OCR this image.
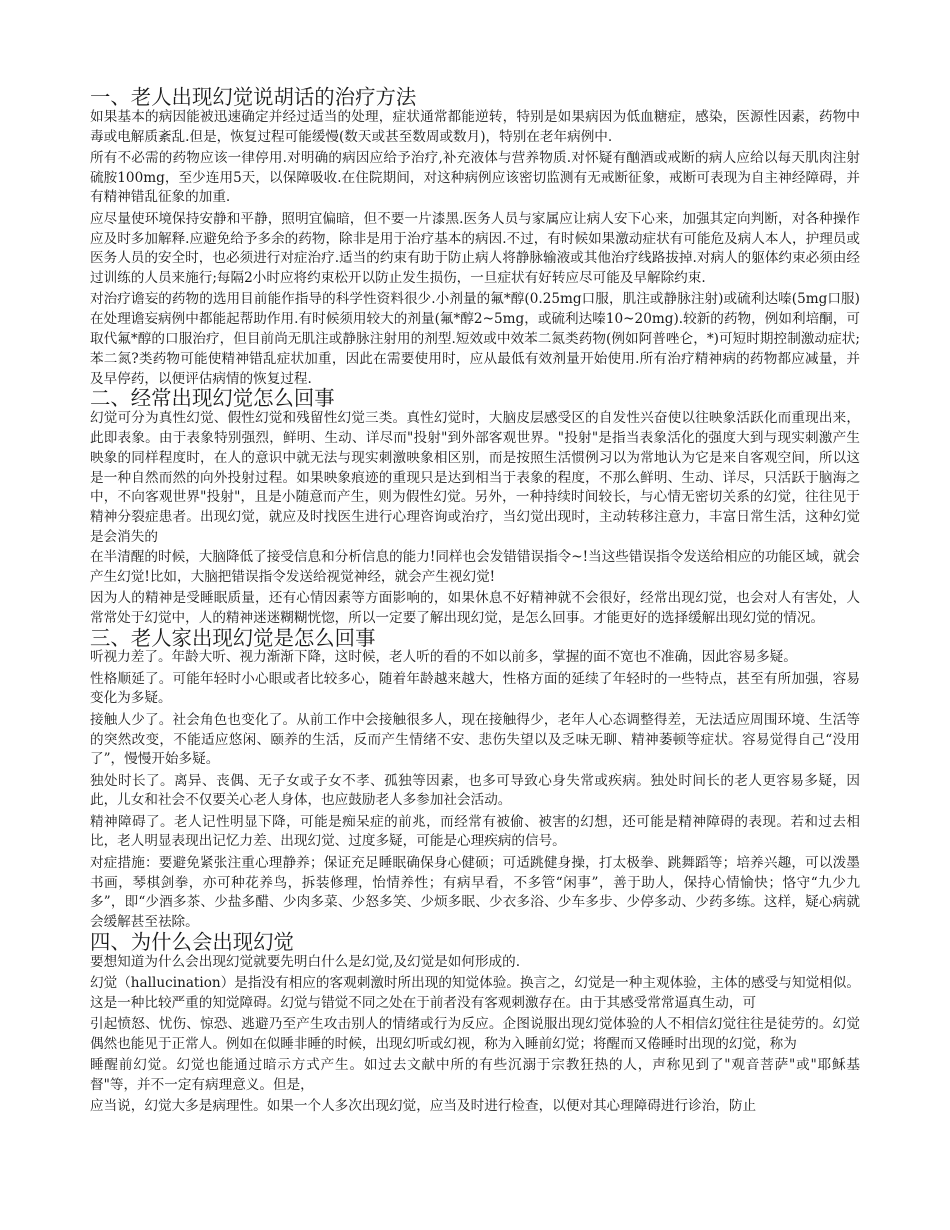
一、老人出现幻觉说胡话的治疗方法

如果基本的病因能被迅速确定并经过适当的处理，症状通常都能逆转，特别是如果病因为低血糖症，感染，医源性因素，药物中毒或电解质紊乱.但是，恢复过程可能缓慢(数天或甚至数周或数月)，特别在老年病例中.

所有不必需的药物应该一律停用.对明确的病因应给予治疗,补充液体与营养物质.对怀疑有酗酒或戒断的病人应给以每天肌肉注射硫胺100mg，至少连用5天，以保障吸收.在住院期间，对这种病例应该密切监测有无戒断征象，戒断可表现为自主神经障碍，并有精神错乱征象的加重.

应尽量使环境保持安静和平静，照明宜偏暗，但不要一片漆黑.医务人员与家属应让病人安下心来，加强其定向判断，对各种操作应及时多加解释.应避免给予多余的药物，除非是用于治疗基本的病因.不过，有时候如果激动症状有可能危及病人本人，护理员或医务人员的安全时，也必须进行对症治疗.适当的约束有助于防止病人将静脉输液或其他治疗线路拔掉.对病人的躯体约束必须由经过训练的人员来施行;每隔2小时应将约束松开以防止发生损伤，一旦症状有好转应尽可能及早解除约束.

对治疗谵妄的药物的选用目前能作指导的科学性资料很少.小剂量的氟*醇(0.25mg口服，肌注或静脉注射)或硫利达嗪(5mg口服)在处理谵妄病例中都能起帮助作用.有时候须用较大的剂量(氟*醇2~5mg，或硫利达嗪10~20mg).较新的药物，例如利培酮，可取代氟*醇的口服治疗，但目前尚无肌注或静脉注射用的剂型.短效或中效苯二氮类药物(例如阿普唑仑，*)可短时期控制激动症状;苯二氮?类药物可能使精神错乱症状加重，因此在需要使用时，应从最低有效剂量开始使用.所有治疗精神病的药物都应减量，并及早停药，以便评估病情的恢复过程.

二、经常出现幻觉怎么回事

幻觉可分为真性幻觉、假性幻觉和残留性幻觉三类。真性幻觉时，大脑皮层感受区的自发性兴奋使以往映象活跃化而重现出来，此即表象。由于表象特别强烈，鲜明、生动、详尽而"投射"到外部客观世界。"投射"是指当表象活化的强度大到与现实刺激产生映象的同样程度时，在人的意识中就无法与现实刺激映象相区别，而是按照生活惯例习以为常地认为它是来自客观空间，所以这是一种自然而然的向外投射过程。如果映象痕迹的重现只是达到相当于表象的程度，不那么鲜明、生动、详尽，只活跃于脑海之中，不向客观世界"投射"，且是小随意而产生，则为假性幻觉。另外，一种持续时间较长，与心情无密切关系的幻觉，往往见于精神分裂症患者。出现幻觉，就应及时找医生进行心理咨询或治疗，当幻觉出现时，主动转移注意力，丰富日常生活，这种幻觉是会消失的

在半清醒的时候，大脑降低了接受信息和分析信息的能力!同样也会发错错误指令~!当这些错误指令发送给相应的功能区域，就会产生幻觉!比如，大脑把错误指令发送给视觉神经，就会产生视幻觉!

因为人的精神是受睡眠质量，还有心情因素等方面影响的，如果休息不好精神就不会很好，经常出现幻觉，也会对人有害处，人常常处于幻觉中，人的精神迷迷糊糊恍惚，所以一定要了解出现幻觉，是怎么回事。才能更好的选择缓解出现幻觉的情况。

三、老人家出现幻觉是怎么回事

听视力差了。年龄大听、视力渐渐下降，这时候，老人听的看的不如以前多，掌握的面不宽也不准确，因此容易多疑。

性格顺延了。可能年轻时小心眼或者比较多心，随着年龄越来越大，性格方面的延续了年轻时的一些特点，甚至有所加强，容易变化为多疑。

接触人少了。社会角色也变化了。从前工作中会接触很多人，现在接触得少，老年人心态调整得差，无法适应周围环境、生活等的突然改变，不能适应悠闲、颐养的生活，反而产生情绪不安、悲伤失望以及乏味无聊、精神萎顿等症状。容易觉得自己“没用了”，慢慢开始多疑。

独处时长了。离异、丧偶、无子女或子女不孝、孤独等因素，也多可导致心身失常或疾病。独处时间长的老人更容易多疑，因此，儿女和社会不仅要关心老人身体，也应鼓励老人多参加社会活动。

精神障碍了。老人记性明显下降，可能是痴呆症的前兆，而经常有被偷、被害的幻想，还可能是精神障碍的表现。若和过去相比，老人明显表现出记忆力差、出现幻觉、过度多疑，可能是心理疾病的信号。

对症措施：要避免紧张注重心理静养；保证充足睡眠确保身心健硕；可适跳健身操，打太极拳、跳舞蹈等；培养兴趣，可以泼墨书画，琴棋剑拳，亦可种花养鸟，拆装修理，怡情养性；有病早看，不多管“闲事”，善于助人，保持心情愉快；恪守“九少九多”，即“少酒多茶、少盐多醋、少肉多菜、少怒多笑、少烦多眠、少衣多浴、少车多步、少停多动、少药多练。这样，疑心病就会缓解甚至祛除。

四、为什么会出现幻觉

要想知道为什么会出现幻觉就要先明白什么是幻觉,及幻觉是如何形成的.

幻觉（hallucination）是指没有相应的客观刺激时所出现的知觉体验。换言之，幻觉是一种主观体验，主体的感受与知觉相似。这是一种比较严重的知觉障碍。幻觉与错觉不同之处在于前者没有客观刺激存在。由于其感受常常逼真生动，可

引起愤怒、忧伤、惊恐、逃避乃至产生攻击别人的情绪或行为反应。企图说服出现幻觉体验的人不相信幻觉往往是徒劳的。幻觉偶然也能见于正常人。例如在似睡非睡的时候，出现幻听或幻视，称为入睡前幻觉；将醒而又倦睡时出现的幻觉，称为

睡醒前幻觉。幻觉也能通过暗示方式产生。如过去文献中所的有些沉溺于宗教狂热的人，声称见到了"观音菩萨"或"耶稣基督"等，并不一定有病理意义。但是，

应当说，幻觉大多是病理性。如果一个人多次出现幻觉，应当及时进行检查，以便对其心理障碍进行诊治，防止
